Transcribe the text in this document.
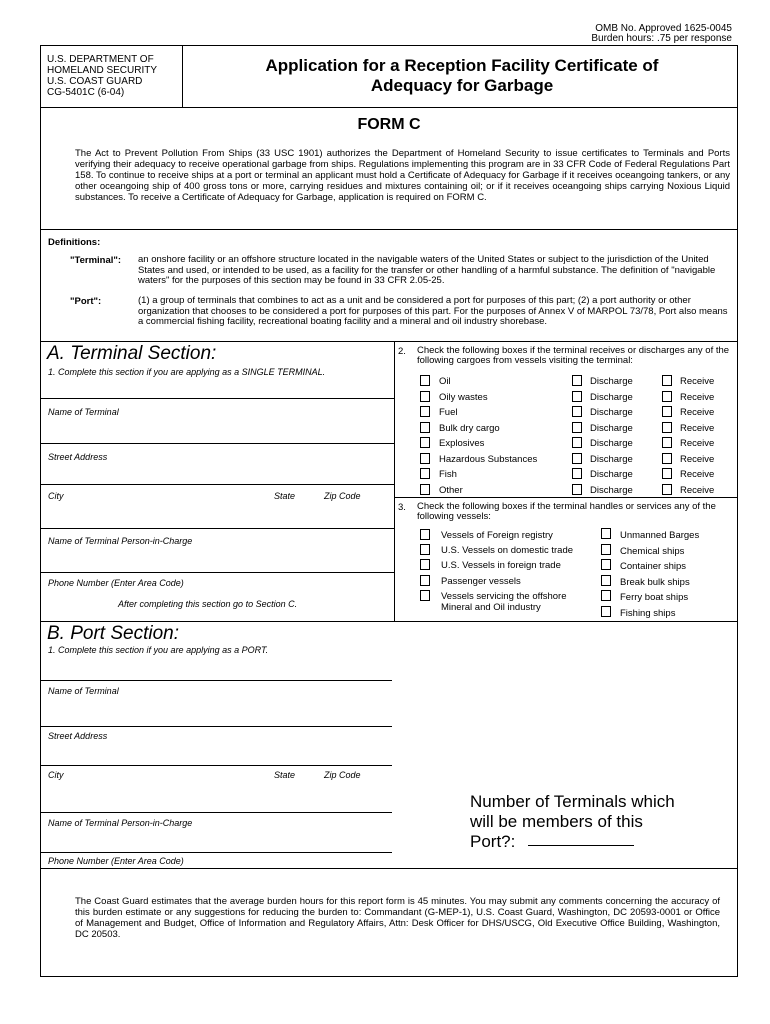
OMB No. Approved 1625-0045
Burden hours: .75 per response
U.S. DEPARTMENT OF
HOMELAND SECURITY
U.S. COAST GUARD
CG-5401C (6-04)
Application for a Reception Facility Certificate of
Adequacy for Garbage
FORM C
The Act to Prevent Pollution From Ships (33 USC 1901) authorizes the Department of Homeland Security to issue certificates to Terminals and Ports verifying their adequacy to receive operational garbage from ships. Regulations implementing this program are in 33 CFR Code of Federal Regulations Part 158. To continue to receive ships at a port or terminal an applicant must hold a Certificate of Adequacy for Garbage if it receives oceangoing tankers, or any other oceangoing ship of 400 gross tons or more, carrying residues and mixtures containing oil; or if it receives oceangoing ships carrying Noxious Liquid substances. To receive a Certificate of Adequacy for Garbage, application is required on FORM C.
Definitions:
"Terminal": an onshore facility or an offshore structure located in the navigable waters of the United States or subject to the jurisdiction of the United States and used, or intended to be used, as a facility for the transfer or other handling of a harmful substance. The definition of "navigable waters" for the purposes of this section may be found in 33 CFR 2.05-25.
"Port":	(1) a group of terminals that combines to act as a unit and be considered a port for purposes of this part; (2) a port authority or other organization that chooses to be considered a port for purposes of this part. For the purposes of Annex V of MARPOL 73/78, Port also means a commercial fishing facility, recreational boating facility and a mineral and oil industry shorebase.
A. Terminal Section:
1. Complete this section if you are applying as a SINGLE TERMINAL.
Name of Terminal
Street Address
City	State	Zip Code
Name of Terminal Person-in-Charge
Phone Number (Enter Area Code)
After completing this section go to Section C.
2. Check the following boxes if the terminal receives or discharges any of the following cargoes from vessels visiting the terminal:
Oil	Discharge	Receive
Oily wastes	Discharge	Receive
Fuel	Discharge	Receive
Bulk dry cargo	Discharge	Receive
Explosives	Discharge	Receive
Hazardous Substances	Discharge	Receive
Fish	Discharge	Receive
Other	Discharge	Receive
3. Check the following boxes if the terminal handles or services any of the following vessels:
Vessels of Foreign registry
U.S. Vessels on domestic trade
U.S. Vessels in foreign trade
Passenger vessels
Vessels servicing the offshore Mineral and Oil industry
Unmanned Barges
Chemical ships
Container ships
Break bulk ships
Ferry boat ships
Fishing ships
B. Port Section:
1. Complete this section if you are applying as a PORT.
Name of Terminal
Street Address
City	State	Zip Code
Name of Terminal Person-in-Charge
Phone Number (Enter Area Code)
Number of Terminals which
will be members of this
Port?:
The Coast Guard estimates that the average burden hours for this report form is 45 minutes. You may submit any comments concerning the accuracy of this burden estimate or any suggestions for reducing the burden to: Commandant (G-MEP-1), U.S. Coast Guard, Washington, DC 20593-0001 or Office of Management and Budget, Office of Information and Regulatory Affairs, Attn: Desk Officer for DHS/USCG, Old Executive Office Building, Washington, DC 20503.
